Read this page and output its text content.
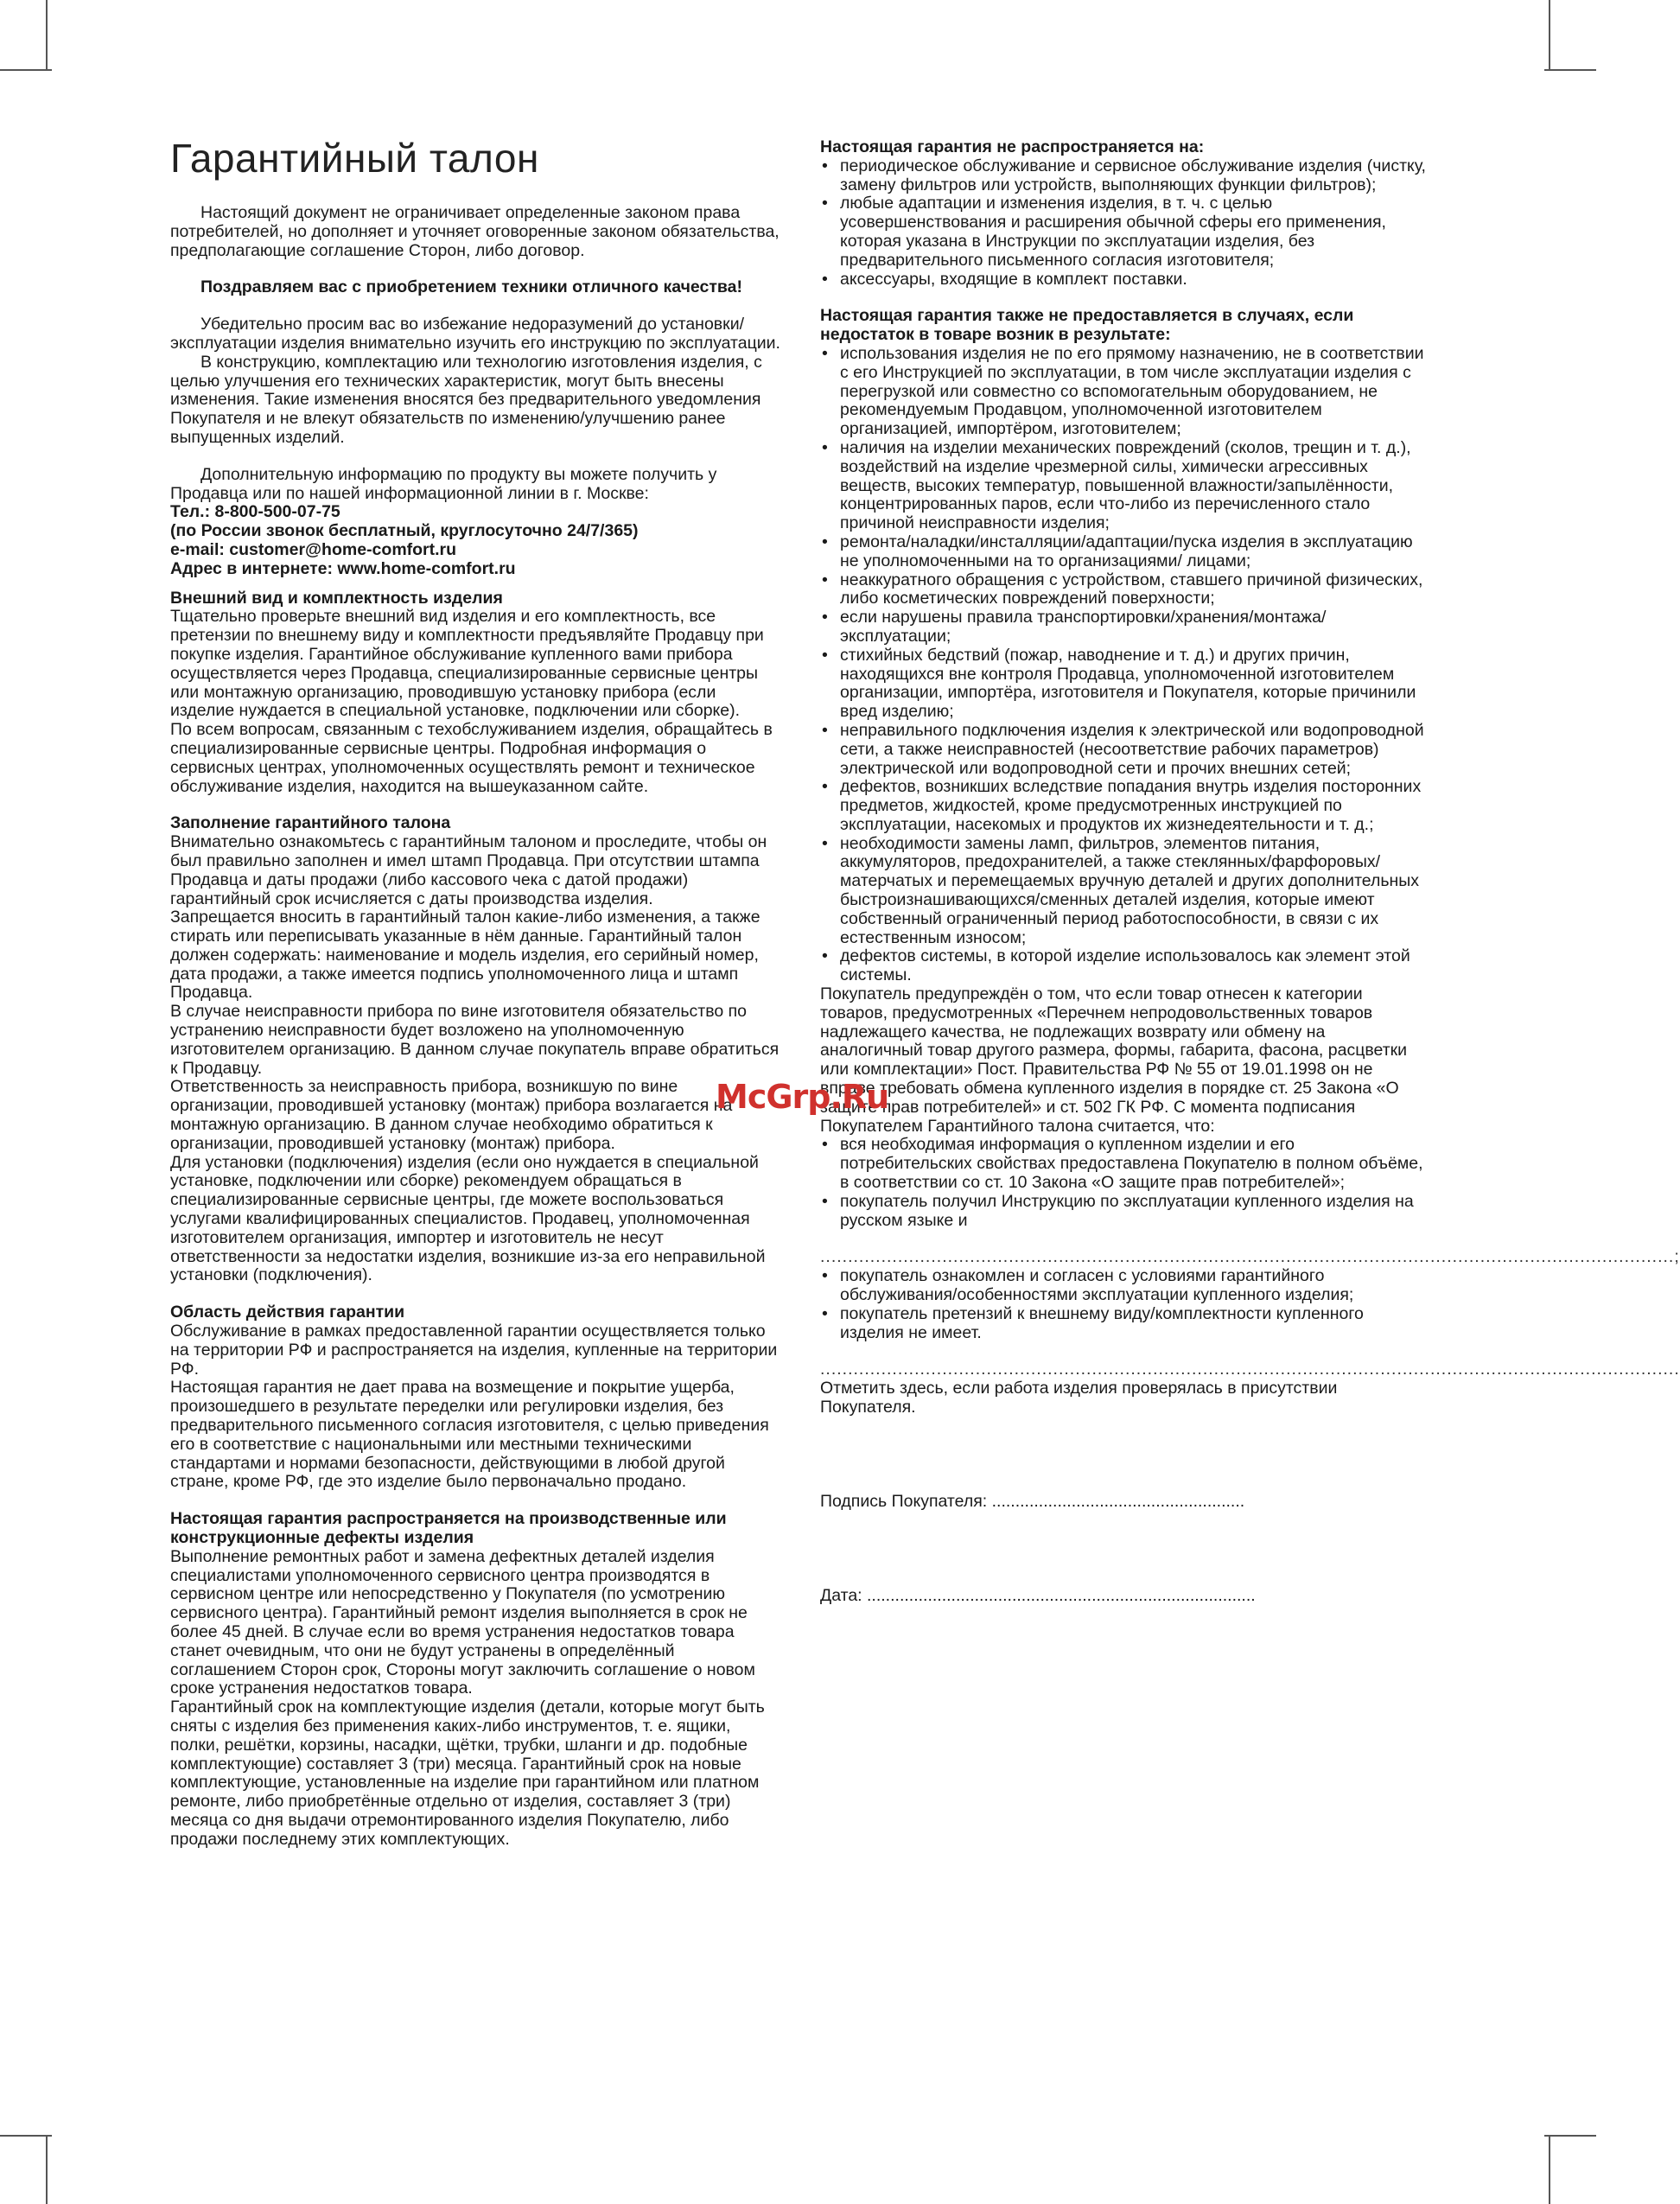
Гарантийный талон

Настоящий документ не ограничивает определенные законом права потребителей, но дополняет и уточняет оговоренные законом обязательства, предполагающие соглашение Сторон, либо договор.

Поздравляем вас с приобретением техники отличного качества!

Убедительно просим вас во избежание недоразумений до установки/эксплуатации изделия внимательно изучить его инструкцию по эксплуатации.

В конструкцию, комплектацию или технологию изготовления изделия, с целью улучшения его технических характеристик, могут быть внесены изменения. Такие изменения вносятся без предварительного уведомления Покупателя и не влекут обязательств по изменению/улучшению ранее выпущенных изделий.

Дополнительную информацию по продукту вы можете получить у Продавца или по нашей информационной линии в г. Москве:

Тел.: 8-800-500-07-75

(по России звонок бесплатный, круглосуточно 24/7/365)

e-mail: customer@home-comfort.ru

Адрес в интернете: www.home-comfort.ru

Внешний вид и комплектность изделия

Тщательно проверьте внешний вид изделия и его комплектность, все претензии по внешнему виду и комплектности предъявляйте Продавцу при покупке изделия. Гарантийное обслуживание купленного вами прибора осуществляется через Продавца, специализированные сервисные центры или монтажную организацию, проводившую установку прибора (если изделие нуждается в специальной установке, подключении или сборке).

По всем вопросам, связанным с техобслуживанием изделия, обращайтесь в специализированные сервисные центры. Подробная информация о сервисных центрах, уполномоченных осуществлять ремонт и техническое обслуживание изделия, находится на вышеуказанном сайте.

Заполнение гарантийного талона

Внимательно ознакомьтесь с гарантийным талоном и проследите, чтобы он был правильно заполнен и имел штамп Продавца. При отсутствии штампа Продавца и даты продажи (либо кассового чека с датой продажи) гарантийный срок исчисляется с даты производства изделия.

Запрещается вносить в гарантийный талон какие-либо изменения, а также стирать или переписывать указанные в нём данные. Гарантийный талон должен содержать: наименование и модель изделия, его серийный номер, дата продажи, а также имеется подпись уполномоченного лица и штамп Продавца.

В случае неисправности прибора по вине изготовителя обязательство по устранению неисправности будет возложено на уполномоченную изготовителем организацию. В данном случае покупатель вправе обратиться к Продавцу.

Ответственность за неисправность прибора, возникшую по вине организации, проводившей установку (монтаж) прибора возлагается на монтажную организацию. В данном случае необходимо обратиться к организации, проводившей установку (монтаж) прибора.

Для установки (подключения) изделия (если оно нуждается в специальной установке, подключении или сборке) рекомендуем обращаться в специализированные сервисные центры, где можете воспользоваться услугами квалифицированных специалистов. Продавец, уполномоченная изготовителем организация, импортер и изготовитель не несут ответственности за недостатки изделия, возникшие из-за его неправильной установки (подключения).

Область действия гарантии

Обслуживание в рамках предоставленной гарантии осуществляется только на территории РФ и распространяется на изделия, купленные на территории РФ.

Настоящая гарантия не дает права на возмещение и покрытие ущерба, произошедшего в результате переделки или регулировки изделия, без предварительного письменного согласия изготовителя, с целью приведения его в соответствие с национальными или местными техническими стандартами и нормами безопасности, действующими в любой другой стране, кроме РФ, где это изделие было первоначально продано.

Настоящая гарантия распространяется на производственные или конструкционные дефекты изделия

Выполнение ремонтных работ и замена дефектных деталей изделия специалистами уполномоченного сервисного центра производятся в сервисном центре или непосредственно у Покупателя (по усмотрению сервисного центра). Гарантийный ремонт изделия выполняется в срок не более 45 дней. В случае если во время устранения недостатков товара станет очевидным, что они не будут устранены в определённый соглашением Сторон срок, Стороны могут заключить соглашение о новом сроке устранения недостатков товара.

Гарантийный срок на комплектующие изделия (детали, которые могут быть сняты с изделия без применения каких-либо инструментов, т. е. ящики, полки, решётки, корзины, насадки, щётки, трубки, шланги и др. подобные комплектующие) составляет 3 (три) месяца. Гарантийный срок на новые комплектующие, установленные на изделие при гарантийном или платном ремонте, либо приобретённые отдельно от изделия, составляет 3 (три) месяца со дня выдачи отремонтированного изделия Покупателю, либо продажи последнему этих комплектующих.

Настоящая гарантия не распространяется на:

• периодическое обслуживание и сервисное обслуживание изделия (чистку, замену фильтров или устройств, выполняющих функции фильтров);
• любые адаптации и изменения изделия, в т. ч. с целью усовершенствования и расширения обычной сферы его применения, которая указана в Инструкции по эксплуатации изделия, без предварительного письменного согласия изготовителя;
• аксессуары, входящие в комплект поставки.

Настоящая гарантия также не предоставляется в случаях, если недостаток в товаре возник в результате:

• использования изделия не по его прямому назначению, не в соответствии с его Инструкцией по эксплуатации, в том числе эксплуатации изделия с перегрузкой или совместно со вспомогательным оборудованием, не рекомендуемым Продавцом, уполномоченной изготовителем организацией, импортёром, изготовителем;
• наличия на изделии механических повреждений (сколов, трещин и т. д.), воздействий на изделие чрезмерной силы, химически агрессивных веществ, высоких температур, повышенной влажности/запылённости, концентрированных паров, если что-либо из перечисленного стало причиной неисправности изделия;
• ремонта/наладки/инсталляции/адаптации/пуска изделия в эксплуатацию не уполномоченными на то организациями/ лицами;
• неаккуратного обращения с устройством, ставшего причиной физических, либо косметических повреждений поверхности;
• если нарушены правила транспортировки/хранения/монтажа/эксплуатации;
• стихийных бедствий (пожар, наводнение и т. д.) и других причин, находящихся вне контроля Продавца, уполномоченной изготовителем организации, импортёра, изготовителя и Покупателя, которые причинили вред изделию;
• неправильного подключения изделия к электрической или водопроводной сети, а также неисправностей (несоответствие рабочих параметров) электрической или водопроводной сети и прочих внешних сетей;
• дефектов, возникших вследствие попадания внутрь изделия посторонних предметов, жидкостей, кроме предусмотренных инструкцией по эксплуатации, насекомых и продуктов их жизнедеятельности и т. д.;
• необходимости замены ламп, фильтров, элементов питания, аккумуляторов, предохранителей, а также стеклянных/фарфоровых/матерчатых и перемещаемых вручную деталей и других дополнительных быстроизнашивающихся/сменных деталей изделия, которые имеют собственный ограниченный период работоспособности, в связи с их естественным износом;
• дефектов системы, в которой изделие использовалось как элемент этой системы.

Покупатель предупреждён о том, что если товар отнесен к категории товаров, предусмотренных «Перечнем непродовольственных товаров надлежащего качества, не подлежащих возврату или обмену на аналогичный товар другого размера, формы, габарита, фасона, расцветки или комплектации» Пост. Правительства РФ № 55 от 19.01.1998 он не вправе требовать обмена купленного изделия в порядке ст. 25 Закона «О защите прав потребителей» и ст. 502 ГК РФ. С момента подписания Покупателем Гарантийного талона считается, что:

• вся необходимая информация о купленном изделии и его потребительских свойствах предоставлена Покупателю в полном объёме, в соответствии со ст. 10 Закона «О защите прав потребителей»;
• покупатель получил Инструкцию по эксплуатации купленного изделия на русском языке и

..........................................................................................................................................................;

• покупатель ознакомлен и согласен с условиями гарантийного обслуживания/особенностями эксплуатации купленного изделия;
• покупатель претензий к внешнему виду/комплектности купленного изделия не имеет.

...........................................................................................................................................................

Отметить здесь, если работа изделия проверялась в присутствии Покупателя.

Подпись Покупателя: ......................................................

Дата: ...................................................................................

McGrp.Ru
